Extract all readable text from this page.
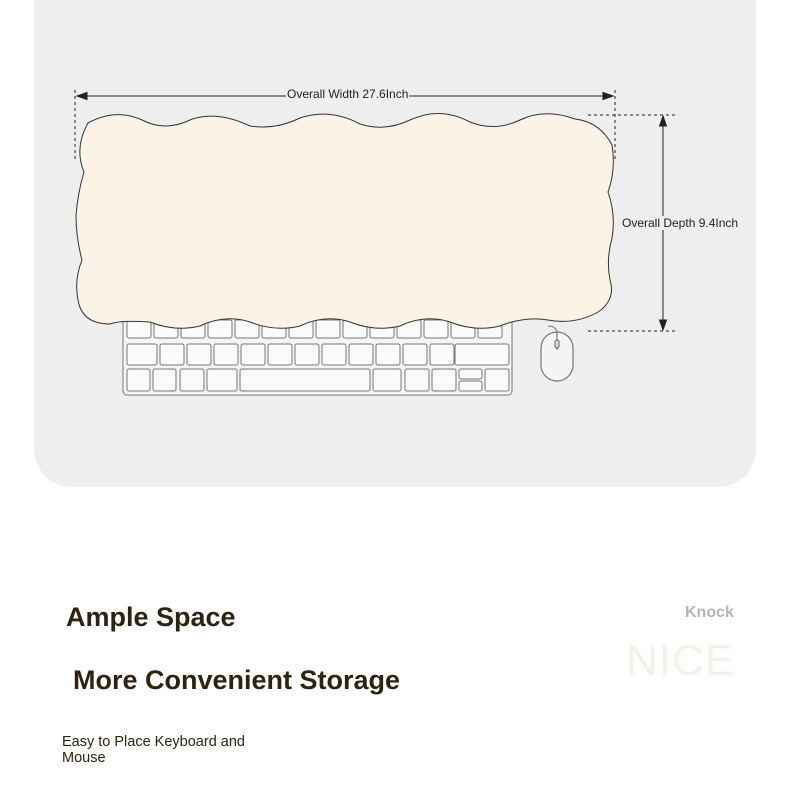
Overall Width 27.6Inch
Overall Depth 9.4Inch
Ample Space
More Convenient Storage
Easy to Place Keyboard and Mouse
Knock
NICE
